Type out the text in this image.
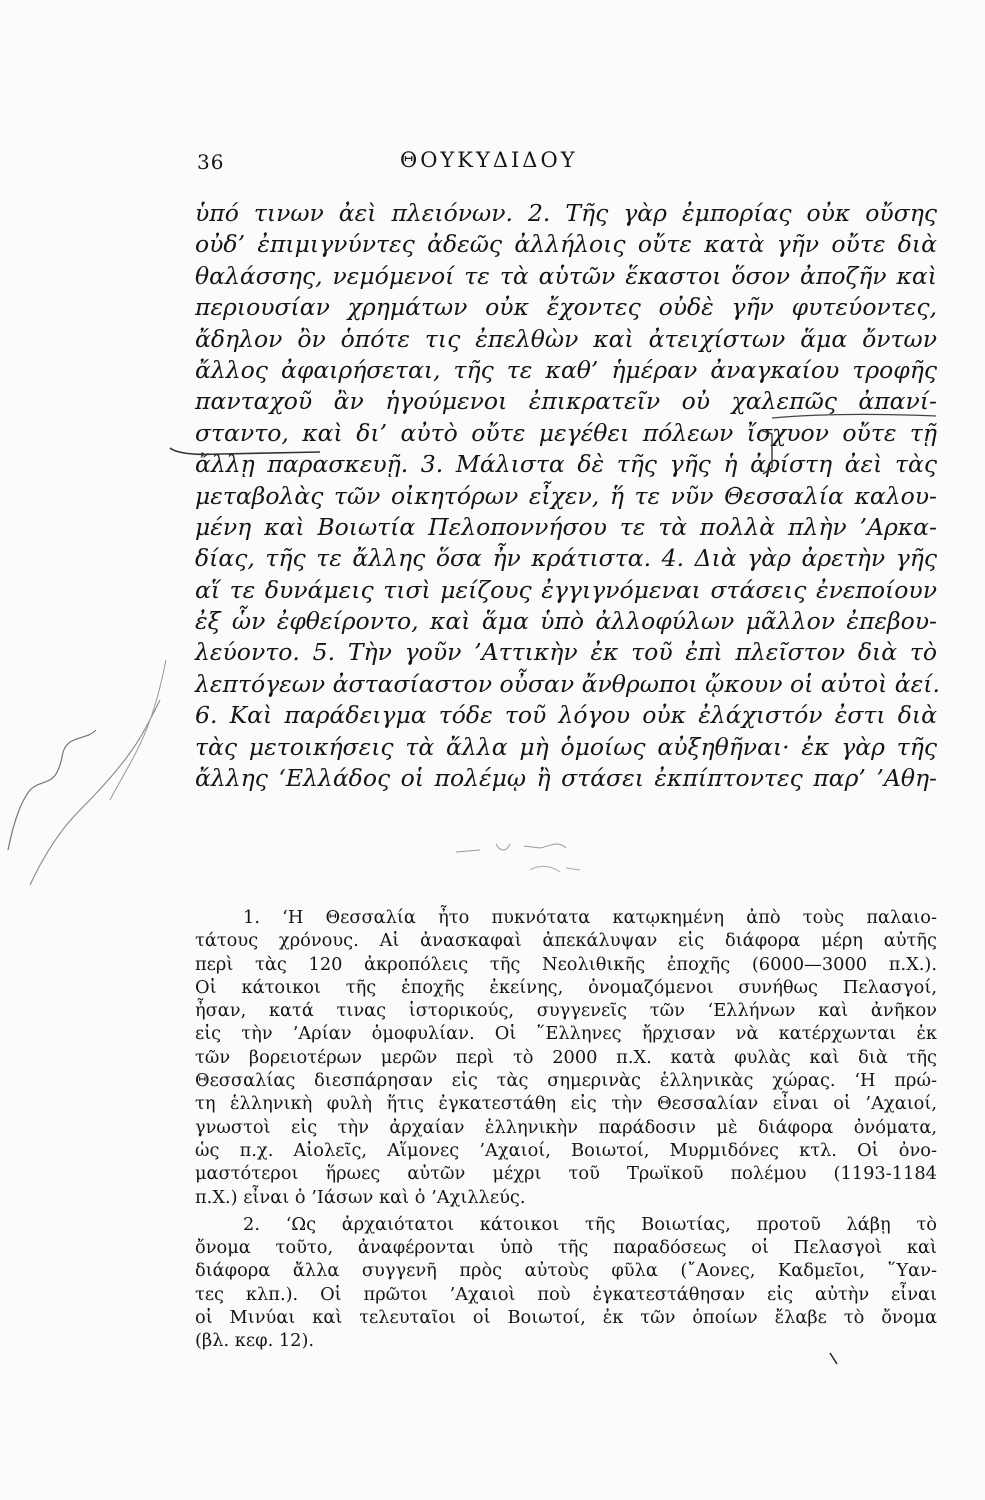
36	ΘΟΥΚΥΔΙΔΟΥ
ὑπό τινων ἀεὶ πλειόνων. 2. Τῆς γὰρ ἐμπορίας οὐκ οὔσης
οὐδ’ ἐπιμιγνύντες ἀδεῶς ἀλλήλοις οὔτε κατὰ γῆν οὔτε διὰ
θαλάσσης, νεμόμενοί τε τὰ αὑτῶν ἕκαστοι ὅσον ἀποζῆν καὶ
περιουσίαν χρημάτων οὐκ ἔχοντες οὐδὲ γῆν φυτεύοντες,
ἄδηλον ὂν ὁπότε τις ἐπελθὼν καὶ ἀτειχίστων ἅμα ὄντων
ἄλλος ἀφαιρήσεται, τῆς τε καθ’ ἡμέραν ἀναγκαίου τροφῆς
πανταχοῦ ἂν ἡγούμενοι ἐπικρατεῖν οὐ χαλεπῶς ἀπανί-
σταντο, καὶ δι’ αὐτὸ οὔτε μεγέθει πόλεων ἴσχυον οὔτε τῇ
ἄλλῃ παρασκευῇ. 3. Μάλιστα δὲ τῆς γῆς ἡ ἀρίστη ἀεὶ τὰς
μεταβολὰς τῶν οἰκητόρων εἶχεν, ἥ τε νῦν Θεσσαλία καλου-
μένη καὶ Βοιωτία Πελοποννήσου τε τὰ πολλὰ πλὴν ’Αρκα-
δίας, τῆς τε ἄλλης ὅσα ἦν κράτιστα. 4. Διὰ γὰρ ἀρετὴν γῆς
αἵ τε δυνάμεις τισὶ μείζους ἐγγιγνόμεναι στάσεις ἐνεποίουν
ἐξ ὧν ἐφθείροντο, καὶ ἅμα ὑπὸ ἀλλοφύλων μᾶλλον ἐπεβου-
λεύοντο. 5. Τὴν γοῦν ’Αττικὴν ἐκ τοῦ ἐπὶ πλεῖστον διὰ τὸ
λεπτόγεων ἀστασίαστον οὖσαν ἄνθρωποι ᾤκουν οἱ αὐτοὶ ἀεί.
6. Καὶ παράδειγμα τόδε τοῦ λόγου οὐκ ἐλάχιστόν ἐστι διὰ
τὰς μετοικήσεις τὰ ἄλλα μὴ ὁμοίως αὐξηθῆναι· ἐκ γὰρ τῆς
ἄλλης ‘Ελλάδος οἱ πολέμῳ ἢ στάσει ἐκπίπτοντες παρ’ ’Αθη-
1. ‘Η Θεσσαλία ἦτο πυκνότατα κατῳκημένη ἀπὸ τοὺς παλαιο-
τάτους χρόνους. Αἱ ἀνασκαφαὶ ἀπεκάλυψαν εἰς διάφορα μέρη αὐτῆς
περὶ τὰς 120 ἀκροπόλεις τῆς Νεολιθικῆς ἐποχῆς (6000—3000 π.Χ.).
Οἱ κάτοικοι τῆς ἐποχῆς ἐκείνης, ὀνομαζόμενοι συνήθως Πελασγοί,
ἦσαν, κατά τινας ἱστορικούς, συγγενεῖς τῶν ‘Ελλήνων καὶ ἀνῆκον
εἰς τὴν ’Αρίαν ὁμοφυλίαν. Οἱ ῞Ελληνες ἤρχισαν νὰ κατέρχωνται ἐκ
τῶν βορειοτέρων μερῶν περὶ τὸ 2000 π.Χ. κατὰ φυλὰς καὶ διὰ τῆς
Θεσσαλίας διεσπάρησαν εἰς τὰς σημερινὰς ἑλληνικὰς χώρας. ‘Η πρώ-
τη ἑλληνικὴ φυλὴ ἥτις ἐγκατεστάθη εἰς τὴν Θεσσαλίαν εἶναι οἱ ’Αχαιοί,
γνωστοὶ εἰς τὴν ἀρχαίαν ἑλληνικὴν παράδοσιν μὲ διάφορα ὀνόματα,
ὡς π.χ. Αἰολεῖς, Αἵμονες ’Αχαιοί, Βοιωτοί, Μυρμιδόνες κτλ. Οἱ ὀνο-
μαστότεροι ἥρωες αὐτῶν μέχρι τοῦ Τρωϊκοῦ πολέμου (1193-1184
π.Χ.) εἶναι ὁ ’Ιάσων καὶ ὁ ’Αχιλλεύς.
2. ‘Ως ἀρχαιότατοι κάτοικοι τῆς Βοιωτίας, προτοῦ λάβῃ τὸ
ὄνομα τοῦτο, ἀναφέρονται ὑπὸ τῆς παραδόσεως οἱ Πελασγοὶ καὶ
διάφορα ἄλλα συγγενῆ πρὸς αὐτοὺς φῦλα (῎Αονες, Καδμεῖοι, ῞Υαν-
τες κλπ.). Οἱ πρῶτοι ’Αχαιοὶ ποὺ ἐγκατεστάθησαν εἰς αὐτὴν εἶναι
οἱ Μινύαι καὶ τελευταῖοι οἱ Βοιωτοί, ἐκ τῶν ὁποίων ἔλαβε τὸ ὄνομα
(βλ. κεφ. 12).
